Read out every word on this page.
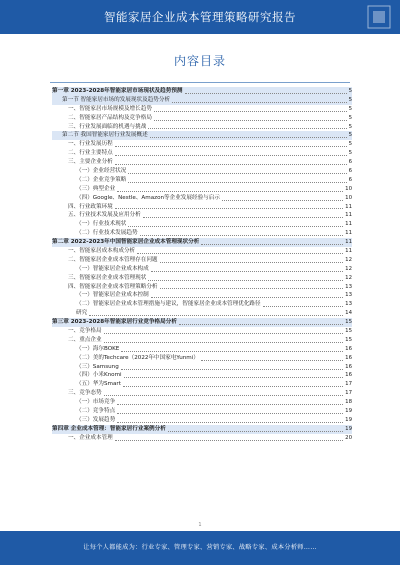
智能家居企业成本管理策略研究报告
内容目录
第一章 2023-2028年智能家居市场现状及趋势预测	5
第一节 智能家居市场的发展现状及趋势分析	5
一、智能家居市场规模及增长趋势	5
二、智能家居产品结构及竞争格局	5
三、行业发展面临的机遇与挑战	5
第二节 我国智能家居行业发展概述	5
一、行业发展历程	5
二、行业主要特点	5
三、主要企业分析	6
（一）企业经营状况	6
（二）企业竞争策略	6
（三）典型企业	10
（四）Google、Nestle、Amazon等企业发展经验与启示	10
四、行业政策环境	11
五、行业技术发展及应用分析	11
（一）行业技术现状	11
（二）行业技术发展趋势	11
第二章 2022-2023年中国智能家居企业成本管理现状分析	11
一、智能家居成本构成分析	11
二、智能家居企业成本管理存在问题	12
（一）智能家居企业成本构成	12
三、智能家居企业成本管理现状	12
四、智能家居企业成本管理策略分析	13
（一）智能家居企业成本控制	13
（二）智能家居企业成本管理措施与建议，智能家居企业成本管理优化路径	13
研究	14
第三章 2023-2028年智能家居行业竞争格局分析	15
一、竞争格局	15
二、重点企业	15
（一）海尔BOKE	16
（二）美的Techcare（2022年中国家电Yunmi）	16
（三）Samsung	16
（四）小米Knomi	16
（五）华为Smart	17
三、竞争态势	17
（一）市场竞争	18
（二）竞争特点	19
（三）发展趋势	19
第四章 企业成本管理：智能家居行业案例分析	19
一、企业成本管理	20
1
让每个人都能成为：行业专家、管理专家、营销专家、战略专家、成本分析师……
